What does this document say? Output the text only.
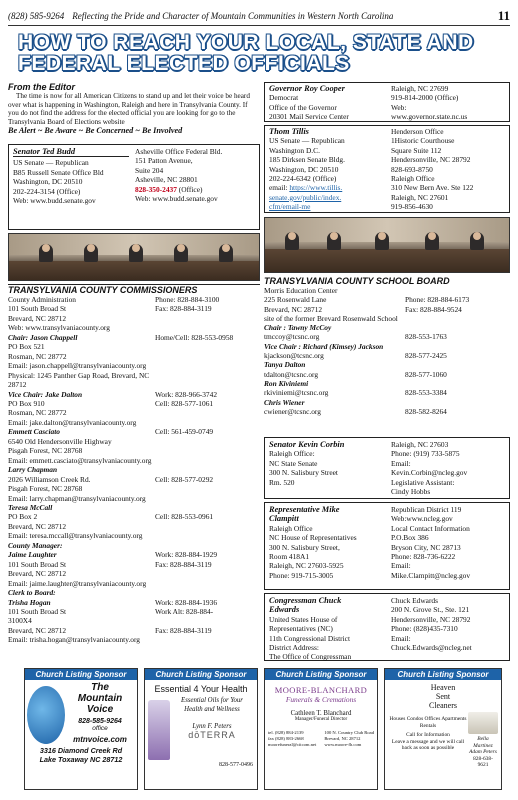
(828) 585-9264 Reflecting the Pride and Character of Mountain Communities in Western North Carolina	11
HOW TO REACH YOUR LOCAL, STATE AND
FEDERAL ELECTED OFFICIALS
From the Editor
The time is now for all American Citizens to stand up and let their voice be heard over what is happening in Washington, Raleigh and here in Transylvania County. If you do not find the address for the elected official you are looking for go to the Transylvania Board of Elections website
Be Alert ~ Be Aware ~ Be Concerned ~ Be Involved
Senator Ted Budd
US Senate — Republican
B85 Russell Senate Office Bld
Washington, DC 20510
202-224-3154 (Office)
Web: www.budd.senate.gov
Asheville Office Federal Bld.
151 Patton Avenue,
Suite 204
Asheville, NC 28801
828-350-2437 (Office)
Web: www.budd.senate.gov
TRANSYLVANIA COUNTY COMMISSIONERS
County Administration	Phone: 828-884-3100
101 South Broad St	Fax: 828-884-3119
Brevard, NC 28712
Web: www.transylvaniacounty.org
Chair: Jason Chappell	Home/Cell: 828-553-0958
PO Box 521
Rosman, NC 28772
Email: jason.chappell@transylvaniacounty.org
Physical: 1245 Panther Gap Road, Brevard, NC 28712
Vice Chair: Jake Dalton	Work: 828-966-3742
PO Box 910	Cell: 828-577-1061
Rosman, NC 28772
Email: jake.dalton@transylvaniacounty.org
Emmett Casciato	Cell: 561-459-0749
6540 Old Hendersonville Highway
Pisgah Forest, NC 28768
Email: emmett.casciato@transylvaniacounty.org
Larry Chapman
2026 Williamson Creek Rd.	Cell: 828-577-0292
Pisgah Forest, NC 28768
Email: larry.chapman@transylvaniacounty.org
Teresa McCall
PO Box 2	Cell: 828-553-0961
Brevard, NC 28712
Email: teresa.mccall@transylvaniacounty.org
County Manager:
Jaime Laughter	Work: 828-884-1929
101 South Broad St	Fax: 828-884-3119
Brevard, NC 28712
Email: jaime.laughter@transylvaniacounty.org
Clerk to Board:
Trisha Hogan	Work: 828-884-1936
101 South Broad St	Work Alt: 828-884-
3100X4
Brevard, NC 28712	Fax: 828-884-3119
Email: trisha.hogan@transylvaniacounty.org
Governor Roy Cooper
Democrat
Office of the Governor
20301 Mail Service Center
Raleigh, NC 27699
919-814-2000 (Office)
Web:
www.governor.state.nc.us
Thom Tillis
US Senate — Republican
Washington D.C.
185 Dirksen Senate Bldg.
Washington, DC 20510
202-224-6342 (Office)
email: https://www.tillis.
senate.gov/public/index.
cfm/email-me
Henderson Office
1Historic Courthouse
Square Suite 112
Hendersonville, NC 28792
828-693-8750
Raleigh Office
310 New Bern Ave. Ste 122
Raleigh, NC 27601
919-856-4630
TRANSYLVANIA COUNTY SCHOOL BOARD
Morris Education Center
225 Rosenwald Lane	Phone: 828-884-6173
Brevard, NC 28712	Fax: 828-884-9524
site of the former Brevard Rosenwald School
Chair : Tawny McCoy
tmccoy@tcsnc.org	828-553-1763
Vice Chair : Richard (Kimsey) Jackson
kjackson@tcsnc.org	828-577-2425
Tanya Dalton
tdalton@tcsnc.org	828-577-1060
Ron Kiviniemi
rkiviniemi@tcsnc.org	828-553-3384
Chris Wiener
cwiener@tcsnc.org	828-582-8264
Senator Kevin Corbin
Raleigh Office:
NC State Senate
300 N. Salisbury Street
Rm. 520
Raleigh, NC 27603
Phone: (919) 733-5875
Email:
Kevin.Corbin@ncleg.gov
Legislative Assistant:
Cindy Hobbs
Representative Mike
Clampitt
Raleigh Office
NC House of Representatives
300 N. Salisbury Street,
Room 418A1
Raleigh, NC 27603-5925
Phone: 919-715-3005
Republican District 119
Web:www.ncleg.gov
Local Contact Information
P.O.Box 386
Bryson City, NC 28713
Phone: 828-736-6222
Email:
Mike.Clampitt@ncleg.gov
Congressman Chuck
Edwards
United States House of
Representatives (NC)
11th Congressional District
District Address:
The Office of Congressman
Chuck Edwards
200 N. Grove St., Ste. 121
Hendersonville, NC 28792
Phone: (828)435-7310
Email:
Chuck.Edwards@ncleg.net
Church Listing Sponsor
The
Mountain
Voice
828-585-9264
office
mtnvoice.com
3316 Diamond Creek Rd
Lake Toxaway NC 28712
Church Listing Sponsor
Essential 4 Your Health
Essential Oils for Your
Health and Wellness
Lynn F. Peters
dōTERRA
828-577-0496
Church Listing Sponsor
MOORE-BLANCHARD
Funerals & Cremations
Cathleen T. Blanchard
Manager/Funeral Director
tel. (828) 884-2139
fax (828) 883-2668
moorefuneral@citcom.net
100 N. Country Club Road
Brevard, NC 28712
www.moore-fh.com
Church Listing Sponsor
Heaven
Sent
Cleaners
Houses Condos Offices Apartments Rentals
Call for Information
Leave a message and we will call back as soon as possible
Bella Martinez Adam Peters
828-638-9621
